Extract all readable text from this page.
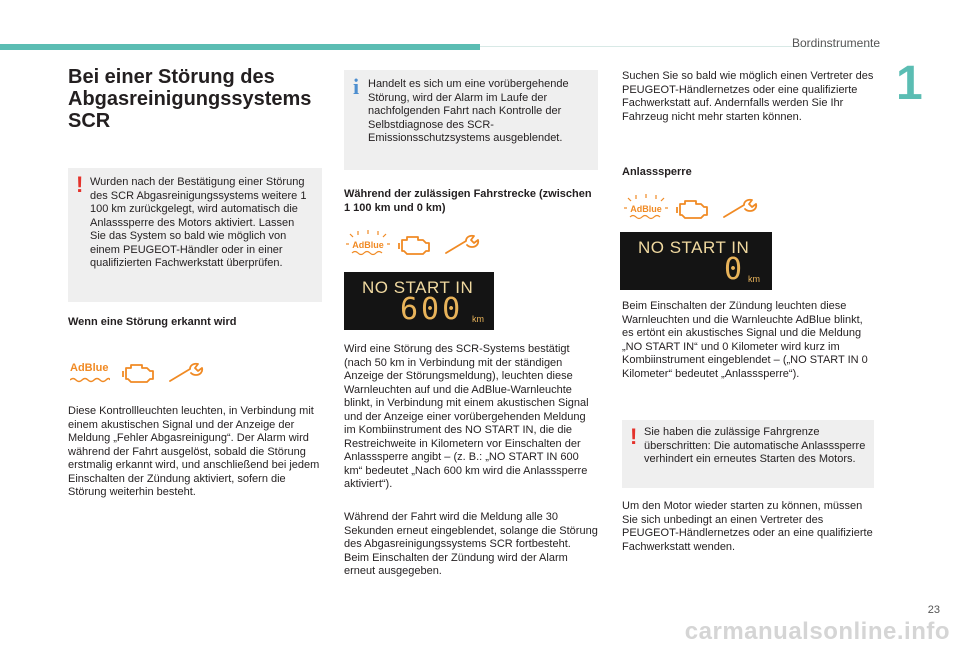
Bordinstrumente
1
Bei einer Störung des Abgasreinigungssystems SCR
! Wurden nach der Bestätigung einer Störung des SCR Abgasreinigungssystems weitere 1 100 km zurückgelegt, wird automatisch die Anlasssperre des Motors aktiviert. Lassen Sie das System so bald wie möglich von einem PEUGEOT-Händler oder in einer qualifizierten Fachwerkstatt überprüfen.
Wenn eine Störung erkannt wird
AdBlue
Diese Kontrollleuchten leuchten, in Verbindung mit einem akustischen Signal und der Anzeige der Meldung „Fehler Abgasreinigung“. Der Alarm wird während der Fahrt ausgelöst, sobald die Störung erstmalig erkannt wird, und anschließend bei jedem Einschalten der Zündung aktiviert, sofern die Störung weiterhin besteht.
i Handelt es sich um eine vorübergehende Störung, wird der Alarm im Laufe der nachfolgenden Fahrt nach Kontrolle der Selbstdiagnose des SCR-Emissionsschutzsystems ausgeblendet.
Während der zulässigen Fahrstrecke (zwischen 1 100 km und 0 km)
AdBlue
NO START IN
600 km
Wird eine Störung des SCR-Systems bestätigt (nach 50 km in Verbindung mit der ständigen Anzeige der Störungsmeldung), leuchten diese Warnleuchten auf und die AdBlue-Warnleuchte blinkt, in Verbindung mit einem akustischen Signal und der Anzeige einer vorübergehenden Meldung im Kombiinstrument des NO START IN, die die Restreichweite in Kilometern vor Einschalten der Anlasssperre angibt – (z. B.: „NO START IN 600 km“ bedeutet „Nach 600 km wird die Anlasssperre aktiviert“).
Während der Fahrt wird die Meldung alle 30 Sekunden erneut eingeblendet, solange die Störung des Abgasreinigungssystems SCR fortbesteht. Beim Einschalten der Zündung wird der Alarm erneut ausgegeben.
Suchen Sie so bald wie möglich einen Vertreter des PEUGEOT-Händlernetzes oder eine qualifizierte Fachwerkstatt auf. Andernfalls werden Sie Ihr Fahrzeug nicht mehr starten können.
Anlasssperre
AdBlue
NO START IN
0 km
Beim Einschalten der Zündung leuchten diese Warnleuchten und die Warnleuchte AdBlue blinkt, es ertönt ein akustisches Signal und die Meldung „NO START IN“ und 0 Kilometer wird kurz im Kombiinstrument eingeblendet – („NO START IN 0 Kilometer“ bedeutet „Anlasssperre“).
! Sie haben die zulässige Fahrgrenze überschritten: Die automatische Anlasssperre verhindert ein erneutes Starten des Motors.
Um den Motor wieder starten zu können, müssen Sie sich unbedingt an einen Vertreter des PEUGEOT-Händlernetzes oder an eine qualifizierte Fachwerkstatt wenden.
23
carmanualsonline.info
